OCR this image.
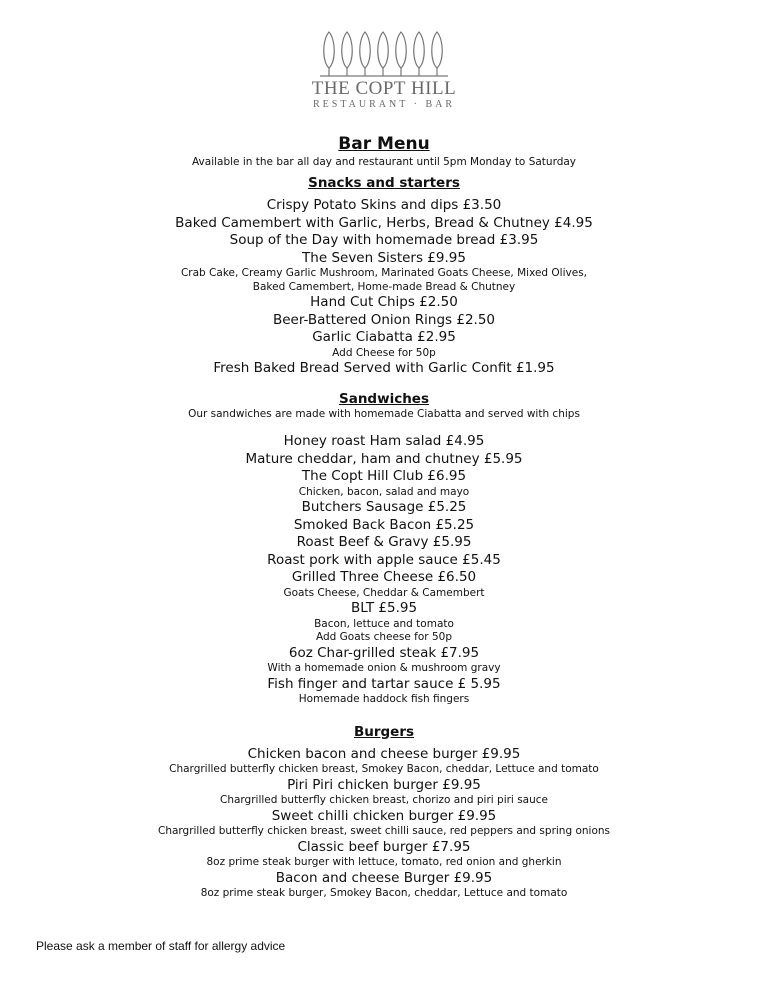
THE COPT HILL
RESTAURANT · BAR
Bar Menu
Available in the bar all day and restaurant until 5pm Monday to Saturday
Snacks and starters
Crispy Potato Skins and dips £3.50
Baked Camembert with Garlic, Herbs, Bread & Chutney £4.95
Soup of the Day with homemade bread £3.95
The Seven Sisters £9.95
Crab Cake, Creamy Garlic Mushroom, Marinated Goats Cheese, Mixed Olives,
Baked Camembert, Home-made Bread & Chutney
Hand Cut Chips £2.50
Beer-Battered Onion Rings £2.50
Garlic Ciabatta £2.95
Add Cheese for 50p
Fresh Baked Bread Served with Garlic Confit £1.95
Sandwiches
Our sandwiches are made with homemade Ciabatta and served with chips
Honey roast Ham salad £4.95
Mature cheddar, ham and chutney £5.95
The Copt Hill Club £6.95
Chicken, bacon, salad and mayo
Butchers Sausage £5.25
Smoked Back Bacon £5.25
Roast Beef & Gravy £5.95
Roast pork with apple sauce £5.45
Grilled Three Cheese £6.50
Goats Cheese, Cheddar & Camembert
BLT £5.95
Bacon, lettuce and tomato
Add Goats cheese for 50p
6oz Char-grilled steak £7.95
With a homemade onion & mushroom gravy
Fish finger and tartar sauce £ 5.95
Homemade haddock fish fingers
Burgers
Chicken bacon and cheese burger £9.95
Chargrilled butterfly chicken breast, Smokey Bacon, cheddar, Lettuce and tomato
Piri Piri chicken burger £9.95
Chargrilled butterfly chicken breast, chorizo and piri piri sauce
Sweet chilli chicken burger £9.95
Chargrilled butterfly chicken breast, sweet chilli sauce, red peppers and spring onions
Classic beef burger £7.95
8oz prime steak burger with lettuce, tomato, red onion and gherkin
Bacon and cheese Burger £9.95
8oz prime steak burger, Smokey Bacon, cheddar, Lettuce and tomato
Please ask a member of staff for allergy advice
